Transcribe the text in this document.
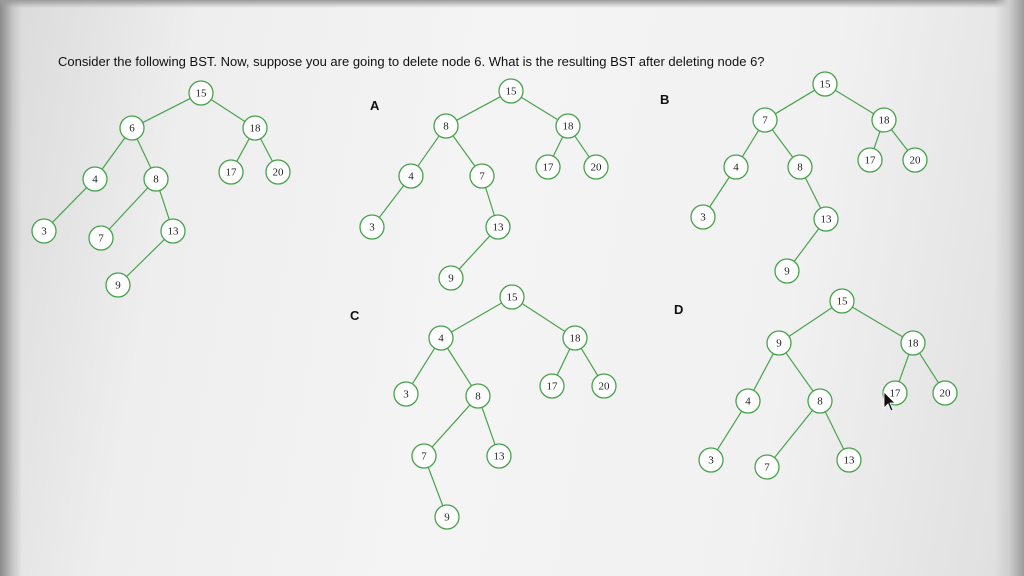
Consider the following BST. Now, suppose you are going to delete node 6. What is the resulting BST after deleting node 6?
A	B
C	D
15
6	18
4	8
17	20
3
7
13
9
15
8	18
17	20
4	7
3	13
9
15
7	18
4	8
17	20
3	13
9
15
4	18
3	8
17	20
7	13
9
15
9	18
4	8
17	20
3
7
13
